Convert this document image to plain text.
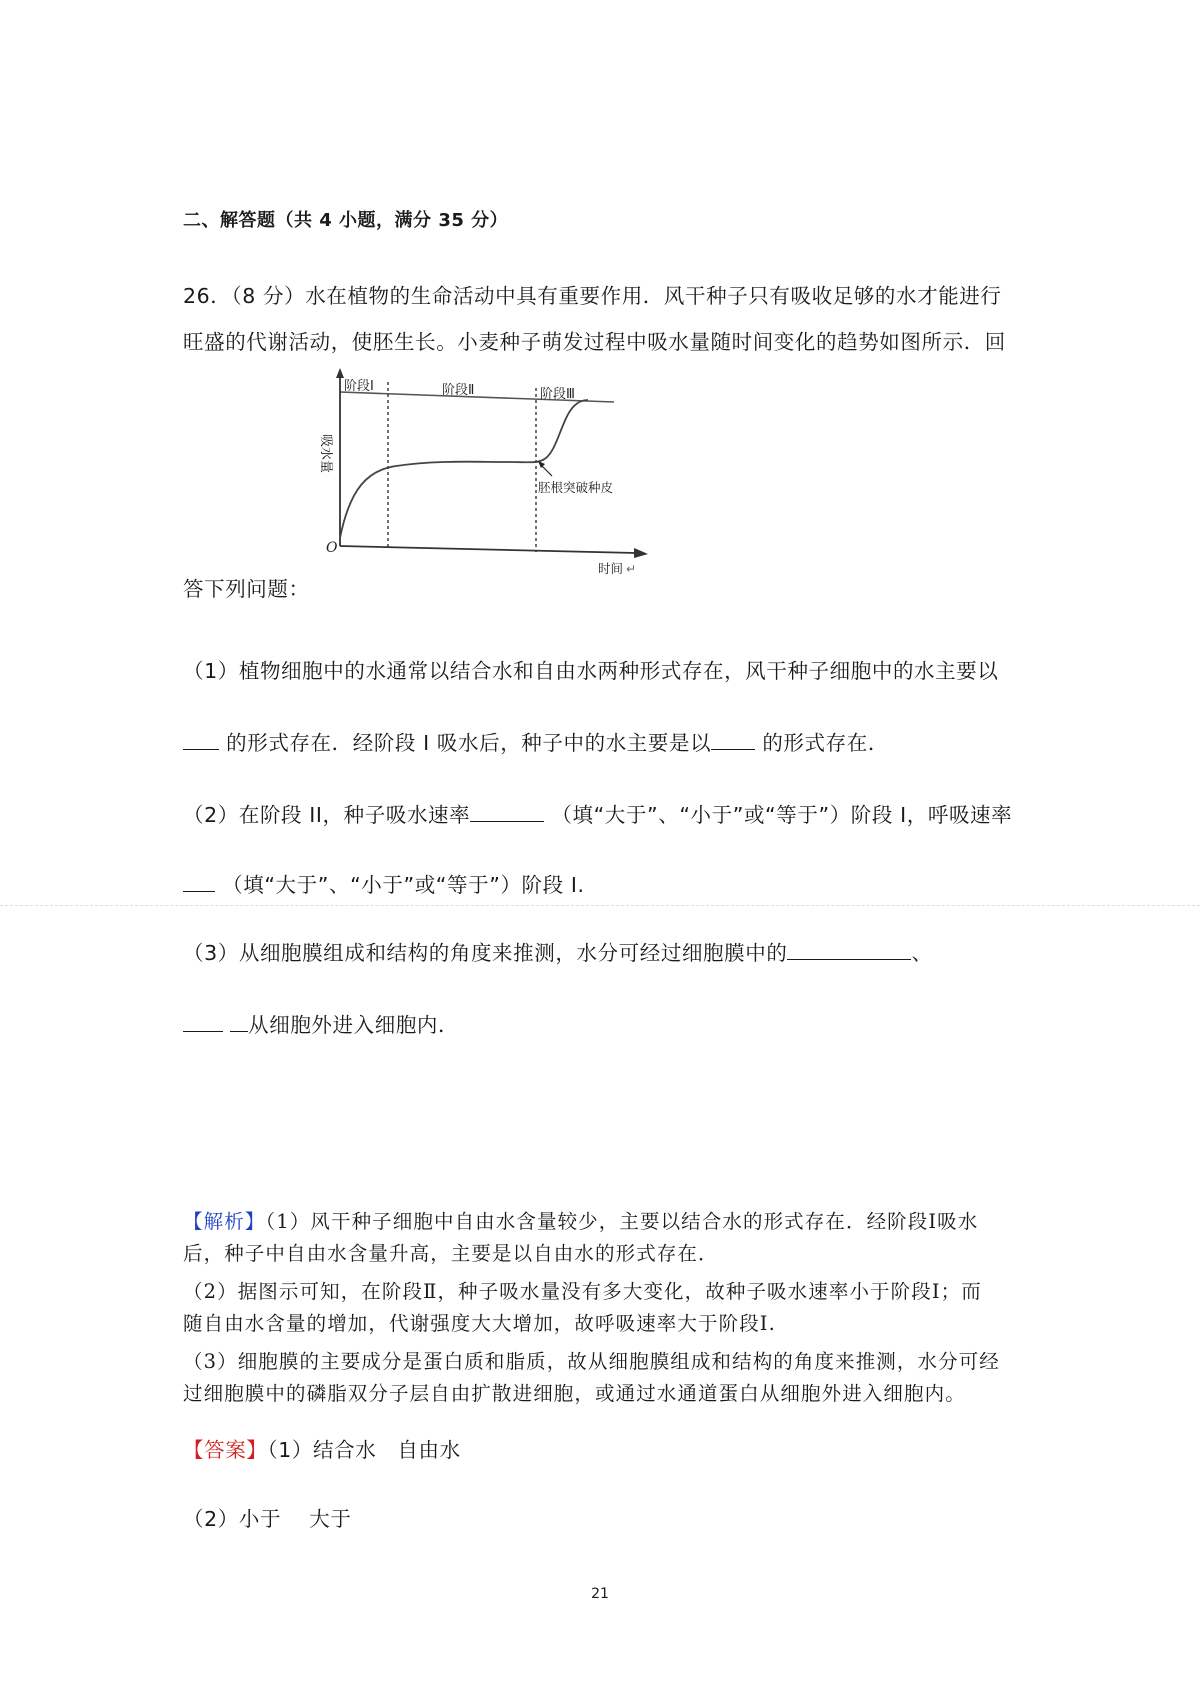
二、解答题（共 4 小题，满分 35 分）
26．（8 分）水在植物的生命活动中具有重要作用．风干种子只有吸收足够的水才能进行
旺盛的代谢活动，使胚生长。小麦种子萌发过程中吸水量随时间变化的趋势如图所示．回
阶段Ⅰ	阶段Ⅱ	阶段Ⅲ
胚根突破种皮
O
时间 ↵
吸水量
答下列问题：
（1）植物细胞中的水通常以结合水和自由水两种形式存在，风干种子细胞中的水主要以
的形式存在．经阶段 I 吸水后，种子中的水主要是以 的形式存在．
（2）在阶段 II，种子吸水速率	（填“大于”、“小于”或“等于”）阶段 I，呼吸速率
（填“大于”、“小于”或“等于”）阶段 I.
（3）从细胞膜组成和结构的角度来推测，水分可经过细胞膜中的	、
从细胞外进入细胞内．
【解析】（1）风干种子细胞中自由水含量较少，主要以结合水的形式存在．经阶段Ⅰ吸水
后，种子中自由水含量升高，主要是以自由水的形式存在．
（2）据图示可知，在阶段Ⅱ，种子吸水量没有多大变化，故种子吸水速率小于阶段Ⅰ；而
随自由水含量的增加，代谢强度大大增加，故呼吸速率大于阶段Ⅰ.
（3）细胞膜的主要成分是蛋白质和脂质，故从细胞膜组成和结构的角度来推测，水分可经
过细胞膜中的磷脂双分子层自由扩散进细胞，或通过水通道蛋白从细胞外进入细胞内。
【答案】（1）结合水　自由水
（2）小于　 大于
21
